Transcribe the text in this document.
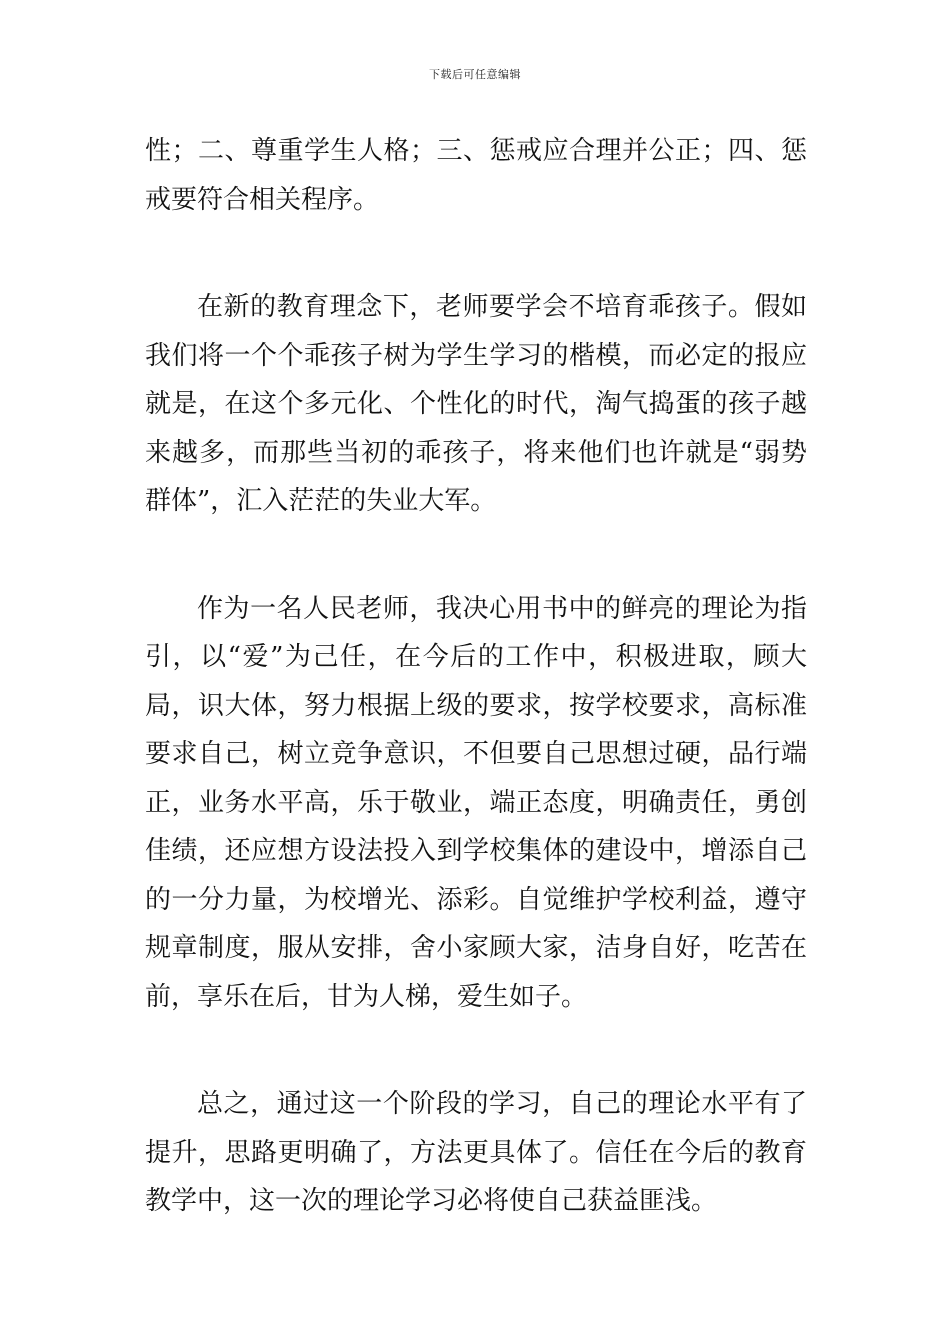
下载后可任意编辑

性；二、尊重学生人格；三、惩戒应合理并公正；四、惩戒要符合相关程序。

在新的教育理念下，老师要学会不培育乖孩子。假如我们将一个个乖孩子树为学生学习的楷模，而必定的报应就是，在这个多元化、个性化的时代，淘气捣蛋的孩子越来越多，而那些当初的乖孩子，将来他们也许就是“弱势群体”，汇入茫茫的失业大军。

作为一名人民老师，我决心用书中的鲜亮的理论为指引，以“爱”为己任，在今后的工作中，积极进取，顾大局，识大体，努力根据上级的要求，按学校要求，高标准要求自己，树立竞争意识，不但要自己思想过硬，品行端正，业务水平高，乐于敬业，端正态度，明确责任，勇创佳绩，还应想方设法投入到学校集体的建设中，增添自己的一分力量，为校增光、添彩。自觉维护学校利益，遵守规章制度，服从安排，舍小家顾大家，洁身自好，吃苦在前，享乐在后，甘为人梯，爱生如子。

总之，通过这一个阶段的学习，自己的理论水平有了提升，思路更明确了，方法更具体了。信任在今后的教育教学中，这一次的理论学习必将使自己获益匪浅。
